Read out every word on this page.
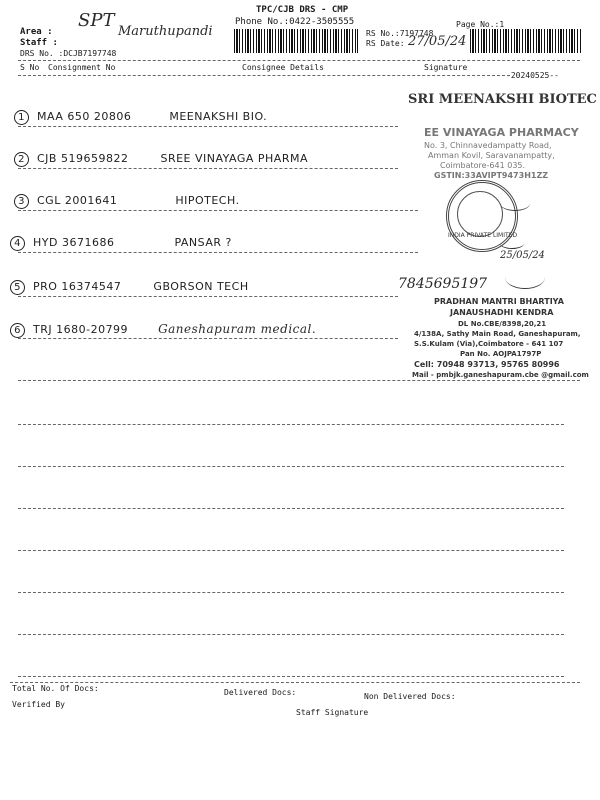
TPC/CJB DRS - CMP
Phone No.:0422-3505555
Area :
SPT
Staff :
Maruthupandi
DRS No. :DCJB7197748
RS No.:7197748
RS Date: 27/05/24
Page No.:1
S No Consignment No	Consignee Details	Signature
-20240525--
1 MAA 650 20806	MEENAKSHI BIO.
2 CJB 519659822	SREE VINAYAGA PHARMA
3 CGL 2001641	HIPOTECH.
4 HYD 3671686	PANSAR ?
5 PRO 16374547	GBORSON TECH
6 TRJ 1680-20799	Ganeshapuram medical.
SRI MEENAKSHI BIOTEC
EE VINAYAGA PHARMACY
No. 3, Chinnavedampatty Road,
Amman Kovil, Saravanampatty,
Coimbatore-641 035.
GSTIN:33AVIPT9473H1ZZ
INDIA PRIVATE LIMITED
25/05/24
7845695197
PRADHAN MANTRI BHARTIYA
JANAUSHADHI KENDRA
DL No.CBE/8398,20,21
4/138A, Sathy Main Road, Ganeshapuram,
S.S.Kulam (Via),Coimbatore - 641 107
Pan No. AOJPA1797P
Cell: 70948 93713, 95765 80996
Mail - pmbjk.ganeshapuram.cbe @gmail.com
Total No. Of Docs:	Delivered Docs:	Non Delivered Docs:
Verified By
Staff Signature
